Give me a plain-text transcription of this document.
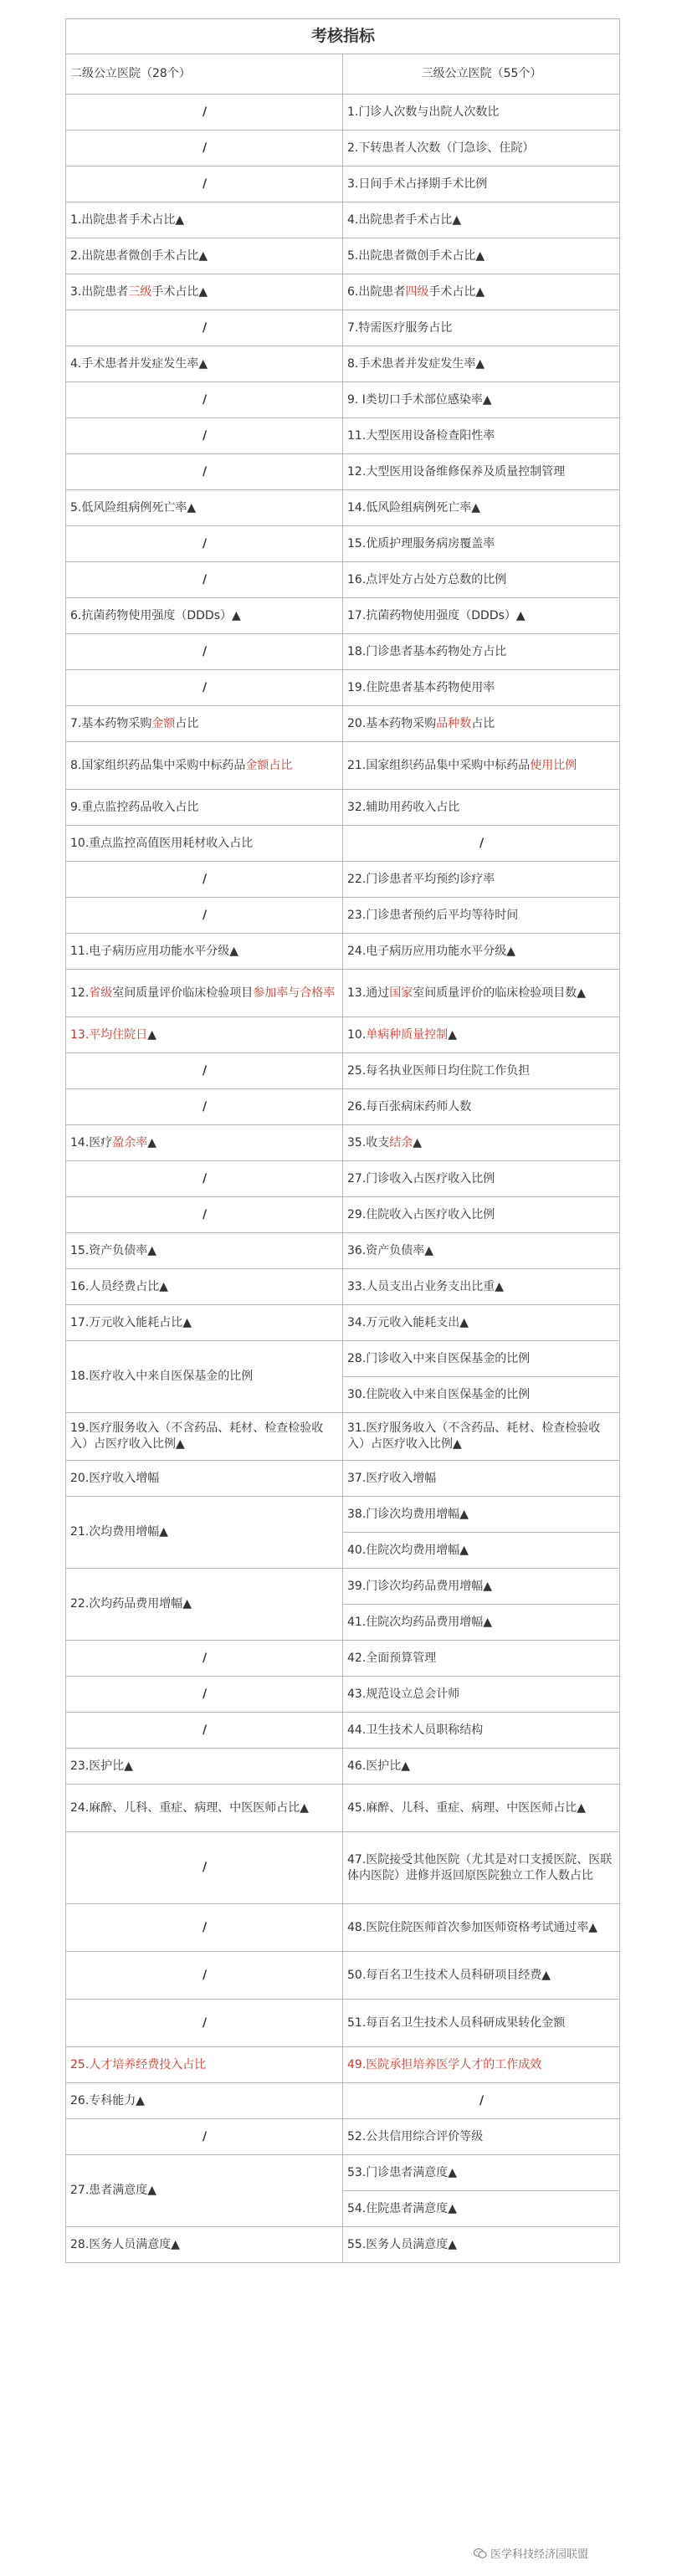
考核指标	
二级公立医院（28个）	三级公立医院（55个）
/	1.门诊人次数与出院人次数比
/	2.下转患者人次数（门急诊、住院）
/	3.日间手术占择期手术比例
1.出院患者手术占比▲	4.出院患者手术占比▲
2.出院患者微创手术占比▲	5.出院患者微创手术占比▲
3.出院患者三级手术占比▲	6.出院患者四级手术占比▲
/	7.特需医疗服务占比
4.手术患者并发症发生率▲	8.手术患者并发症发生率▲
/	9. I类切口手术部位感染率▲
/	11.大型医用设备检查阳性率
/	12.大型医用设备维修保养及质量控制管理
5.低风险组病例死亡率▲	14.低风险组病例死亡率▲
/	15.优质护理服务病房覆盖率
/	16.点评处方占处方总数的比例
6.抗菌药物使用强度（DDDs）▲	17.抗菌药物使用强度（DDDs）▲
/	18.门诊患者基本药物处方占比
/	19.住院患者基本药物使用率
7.基本药物采购金额占比	20.基本药物采购品种数占比
8.国家组织药品集中采购中标药品金额占比	21.国家组织药品集中采购中标药品使用比例
9.重点监控药品收入占比	32.辅助用药收入占比
10.重点监控高值医用耗材收入占比	/
/	22.门诊患者平均预约诊疗率
/	23.门诊患者预约后平均等待时间
11.电子病历应用功能水平分级▲	24.电子病历应用功能水平分级▲
12.省级室间质量评价临床检验项目参加率与合格率	13.通过国家室间质量评价的临床检验项目数▲
13.平均住院日▲	10.单病种质量控制▲
/	25.每名执业医师日均住院工作负担
/	26.每百张病床药师人数
14.医疗盈余率▲	35.收支结余▲
/	27.门诊收入占医疗收入比例
/	29.住院收入占医疗收入比例
15.资产负债率▲	36.资产负债率▲
16.人员经费占比▲	33.人员支出占业务支出比重▲
17.万元收入能耗占比▲	34.万元收入能耗支出▲
18.医疗收入中来自医保基金的比例	28.门诊收入中来自医保基金的比例
	30.住院收入中来自医保基金的比例
19.医疗服务收入（不含药品、耗材、检查检验收入）占医疗收入比例▲	31.医疗服务收入（不含药品、耗材、检查检验收入）占医疗收入比例▲
20.医疗收入增幅	37.医疗收入增幅
21.次均费用增幅▲	38.门诊次均费用增幅▲
	40.住院次均费用增幅▲
22.次均药品费用增幅▲	39.门诊次均药品费用增幅▲
	41.住院次均药品费用增幅▲
/	42.全面预算管理
/	43.规范设立总会计师
/	44.卫生技术人员职称结构
23.医护比▲	46.医护比▲
24.麻醉、儿科、重症、病理、中医医师占比▲	45.麻醉、儿科、重症、病理、中医医师占比▲
/	47.医院接受其他医院（尤其是对口支援医院、医联体内医院）进修并返回原医院独立工作人数占比
/	48.医院住院医师首次参加医师资格考试通过率▲
/	50.每百名卫生技术人员科研项目经费▲
/	51.每百名卫生技术人员科研成果转化金额
25.人才培养经费投入占比	49.医院承担培养医学人才的工作成效
26.专科能力▲	/
/	52.公共信用综合评价等级
27.患者满意度▲	53.门诊患者满意度▲
	54.住院患者满意度▲
28.医务人员满意度▲	55.医务人员满意度▲
医学科技经济园联盟
